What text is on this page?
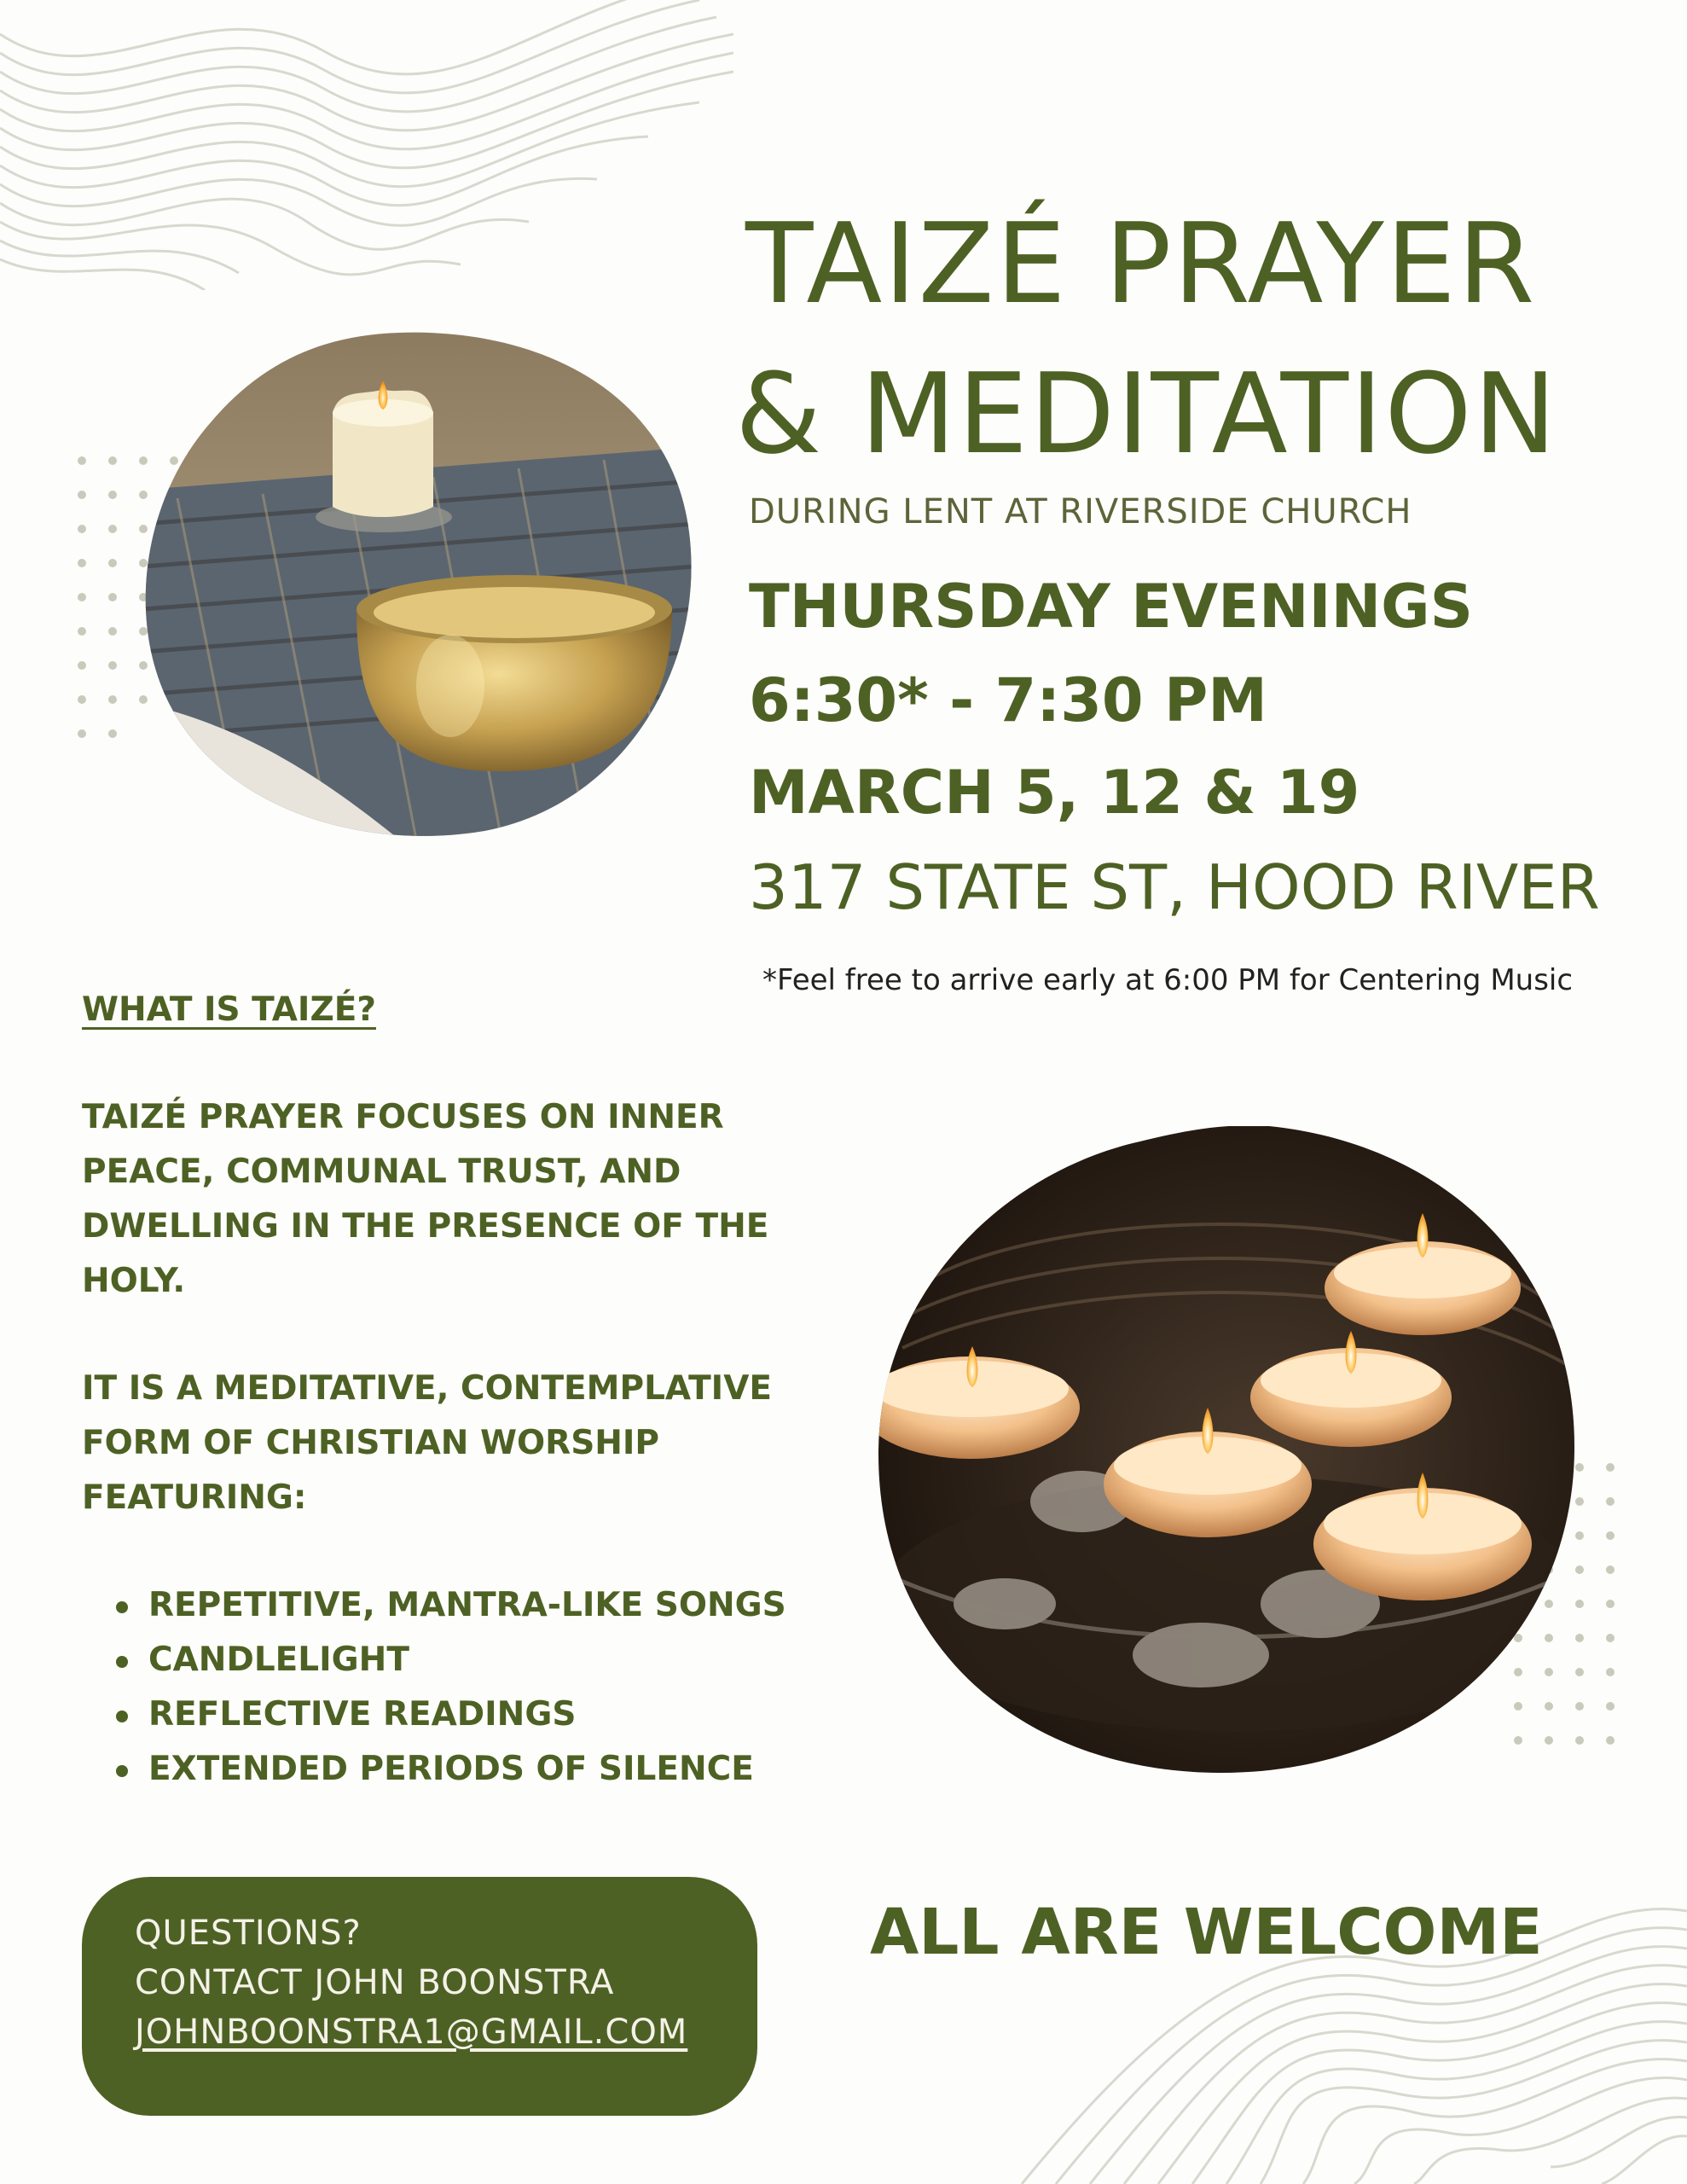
TAIZÉ PRAYER
& MEDITATION
DURING LENT AT RIVERSIDE CHURCH
THURSDAY EVENINGS
6:30* - 7:30 PM
MARCH 5, 12 & 19
317 STATE ST, HOOD RIVER
*Feel free to arrive early at 6:00 PM for Centering Music
WHAT IS TAIZÉ?
TAIZÉ PRAYER FOCUSES ON INNER PEACE, COMMUNAL TRUST, AND DWELLING IN THE PRESENCE OF THE HOLY.
IT IS A MEDITATIVE, CONTEMPLATIVE FORM OF CHRISTIAN WORSHIP FEATURING:
REPETITIVE, MANTRA-LIKE SONGS
CANDLELIGHT
REFLECTIVE READINGS
EXTENDED PERIODS OF SILENCE
QUESTIONS?
CONTACT JOHN BOONSTRA
JOHNBOONSTRA1@GMAIL.COM
ALL ARE WELCOME
